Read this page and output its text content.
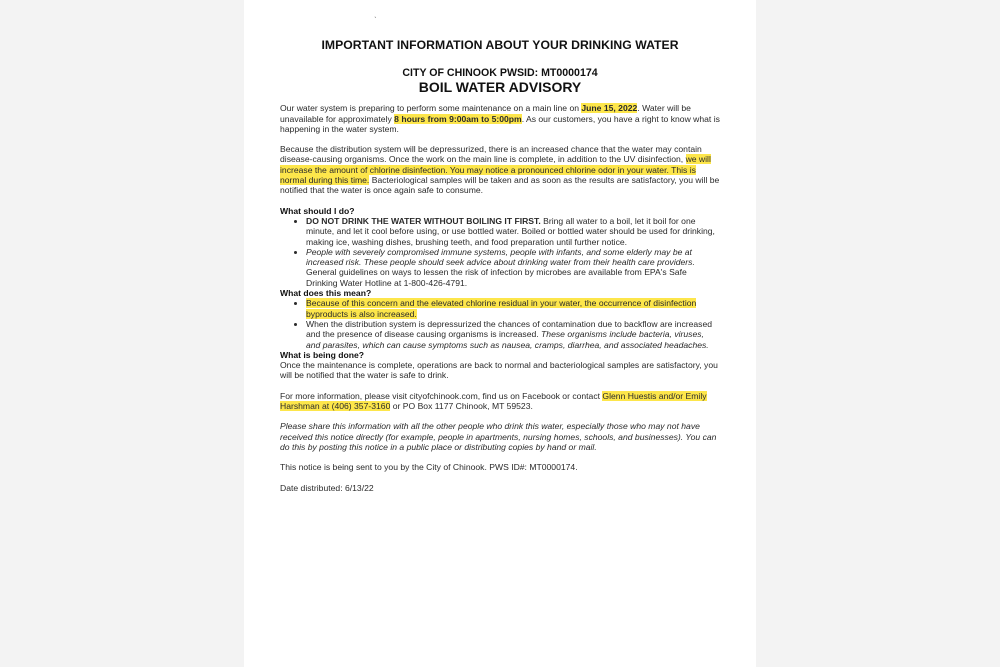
ˋ

IMPORTANT INFORMATION ABOUT YOUR DRINKING WATER

CITY OF CHINOOK PWSID: MT0000174

BOIL WATER ADVISORY

Our water system is preparing to perform some maintenance on a main line on June 15, 2022. Water will be unavailable for approximately 8 hours from 9:00am to 5:00pm. As our customers, you have a right to know what is happening in the water system.

Because the distribution system will be depressurized, there is an increased chance that the water may contain disease-causing organisms. Once the work on the main line is complete, in addition to the UV disinfection, we will increase the amount of chlorine disinfection. You may notice a pronounced chlorine odor in your water. This is normal during this time. Bacteriological samples will be taken and as soon as the results are satisfactory, you will be notified that the water is once again safe to consume.

What should I do?

• DO NOT DRINK THE WATER WITHOUT BOILING IT FIRST. Bring all water to a boil, let it boil for one minute, and let it cool before using, or use bottled water. Boiled or bottled water should be used for drinking, making ice, washing dishes, brushing teeth, and food preparation until further notice.
• People with severely compromised immune systems, people with infants, and some elderly may be at increased risk. These people should seek advice about drinking water from their health care providers. General guidelines on ways to lessen the risk of infection by microbes are available from EPA's Safe Drinking Water Hotline at 1-800-426-4791.

What does this mean?

• Because of this concern and the elevated chlorine residual in your water, the occurrence of disinfection byproducts is also increased.
• When the distribution system is depressurized the chances of contamination due to backflow are increased and the presence of disease causing organisms is increased. These organisms include bacteria, viruses, and parasites, which can cause symptoms such as nausea, cramps, diarrhea, and associated headaches.

What is being done?

Once the maintenance is complete, operations are back to normal and bacteriological samples are satisfactory, you will be notified that the water is safe to drink.

For more information, please visit cityofchinook.com, find us on Facebook or contact Glenn Huestis and/or Emily Harshman at (406) 357-3160 or PO Box 1177 Chinook, MT 59523.

Please share this information with all the other people who drink this water, especially those who may not have received this notice directly (for example, people in apartments, nursing homes, schools, and businesses). You can do this by posting this notice in a public place or distributing copies by hand or mail.

This notice is being sent to you by the City of Chinook. PWS ID#: MT0000174.

Date distributed: 6/13/22
